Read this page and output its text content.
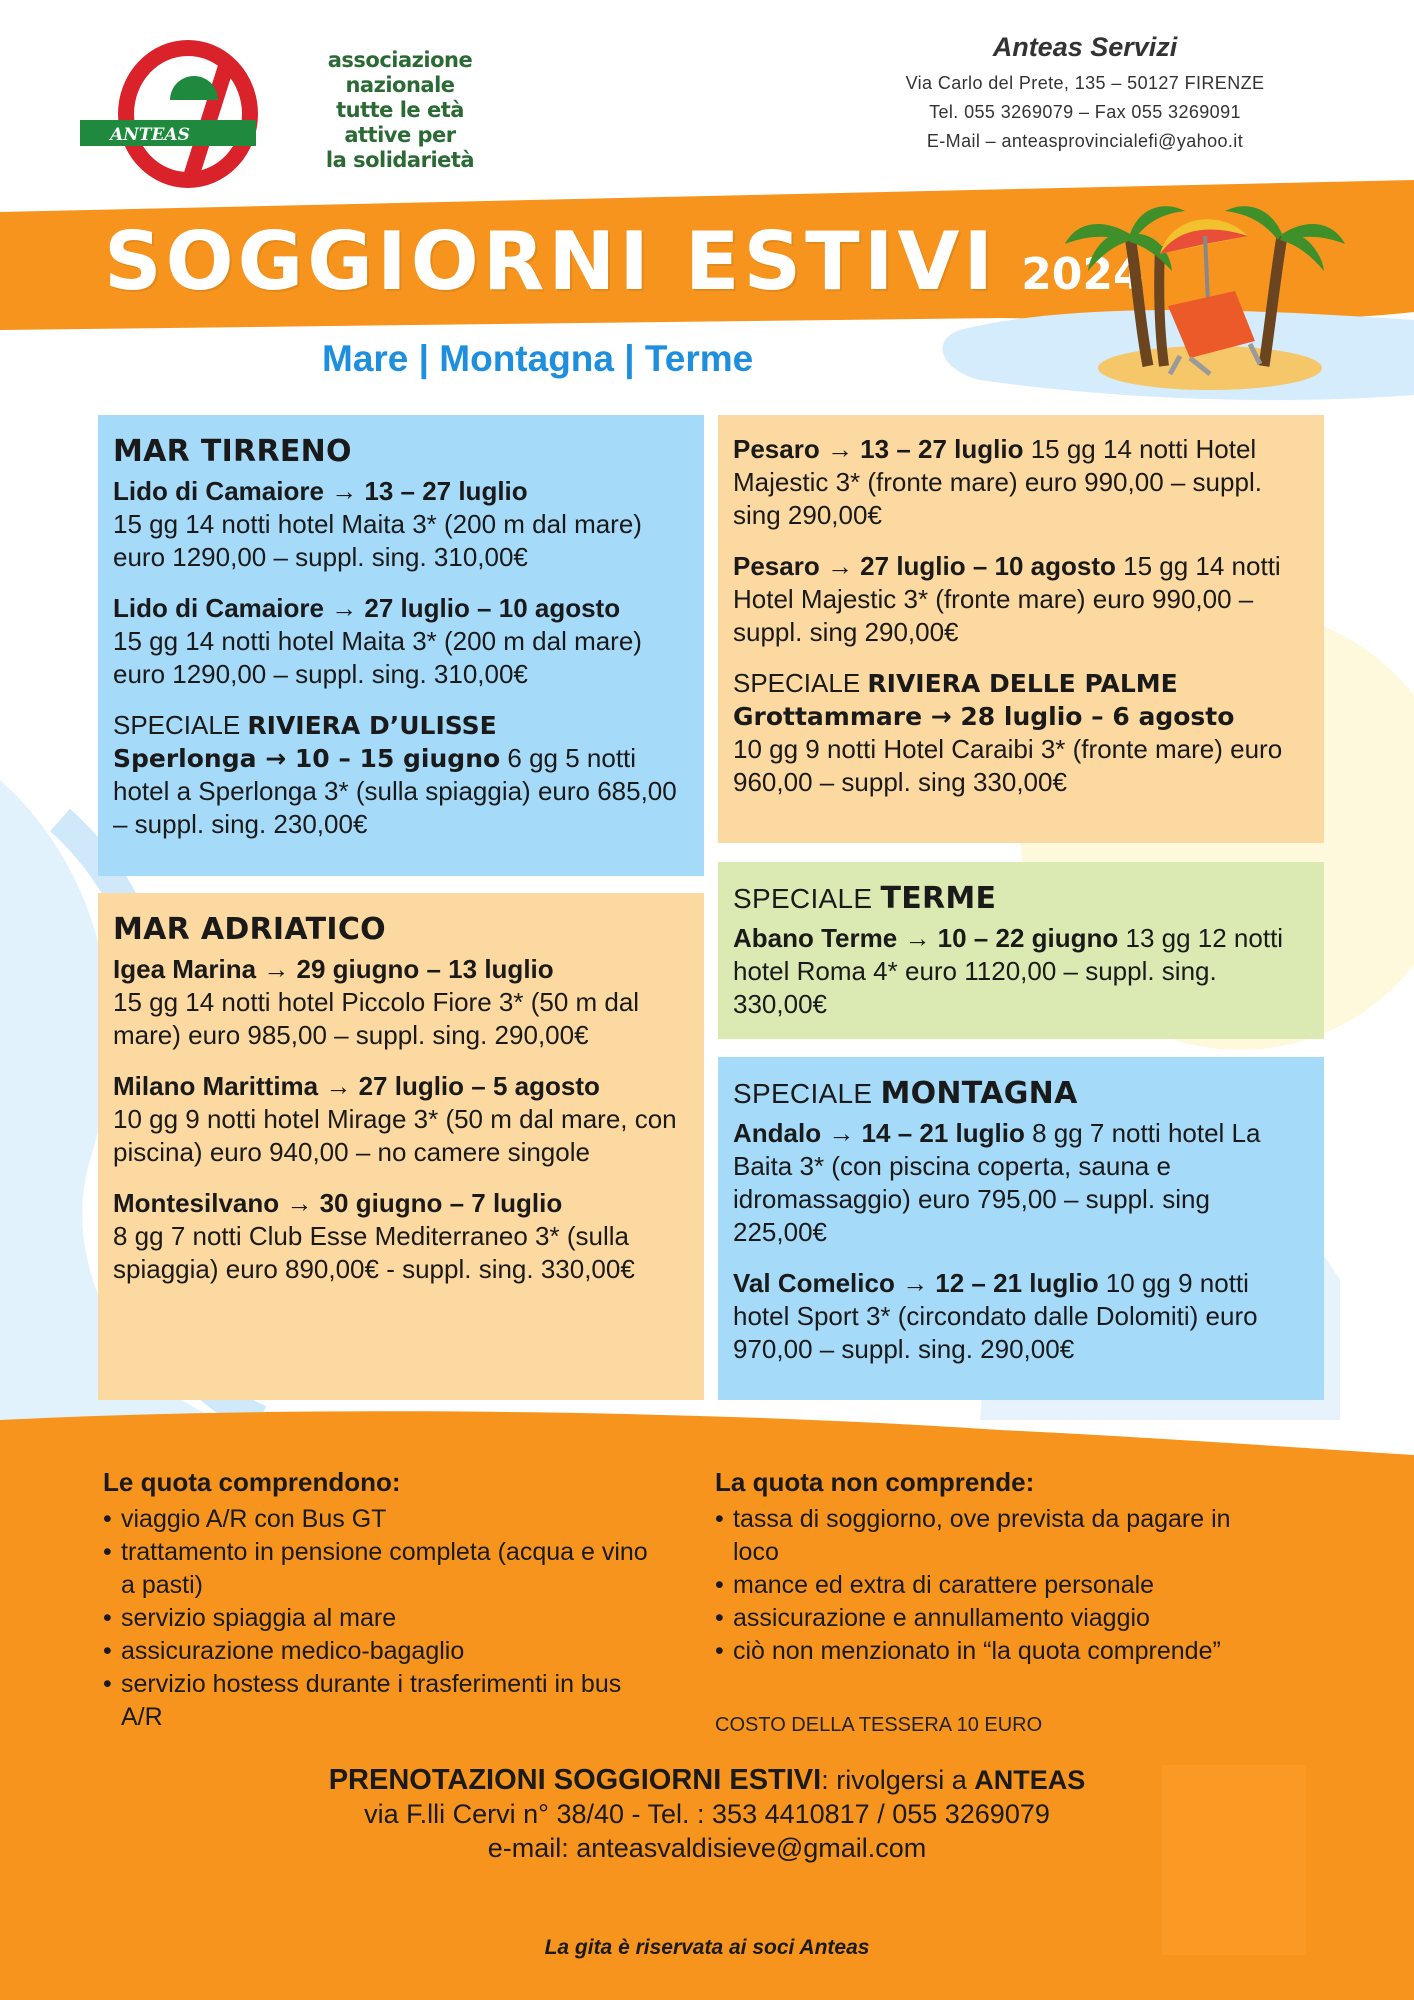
ANTEAS
associazione
nazionale
tutte le età
attive per
la solidarietà
Anteas Servizi
Via Carlo del Prete, 135 – 50127 FIRENZE
Tel. 055 3269079 – Fax 055 3269091
E-Mail – anteasprovincialefi@yahoo.it
SOGGIORNI ESTIVI 2024
Mare | Montagna | Terme
MAR TIRRENO
Lido di Camaiore → 13 – 27 luglio
15 gg 14 notti hotel Maita 3* (200 m dal mare) euro 1290,00 – suppl. sing. 310,00€
Lido di Camaiore → 27 luglio – 10 agosto
15 gg 14 notti hotel Maita 3* (200 m dal mare) euro 1290,00 – suppl. sing. 310,00€
SPECIALE RIVIERA D’ULISSE
Sperlonga → 10 – 15 giugno 6 gg 5 notti hotel a Sperlonga 3* (sulla spiaggia) euro 685,00 – suppl. sing. 230,00€
MAR ADRIATICO
Igea Marina → 29 giugno – 13 luglio
15 gg 14 notti hotel Piccolo Fiore 3* (50 m dal mare) euro 985,00 – suppl. sing. 290,00€
Milano Marittima → 27 luglio – 5 agosto
10 gg 9 notti hotel Mirage 3* (50 m dal mare, con piscina) euro 940,00 – no camere singole
Montesilvano → 30 giugno – 7 luglio
8 gg 7 notti Club Esse Mediterraneo 3* (sulla spiaggia) euro 890,00€ - suppl. sing. 330,00€
Pesaro → 13 – 27 luglio 15 gg 14 notti Hotel Majestic 3* (fronte mare) euro 990,00 – suppl. sing 290,00€
Pesaro → 27 luglio – 10 agosto 15 gg 14 notti Hotel Majestic 3* (fronte mare) euro 990,00 – suppl. sing 290,00€
SPECIALE RIVIERA DELLE PALME
Grottammare → 28 luglio – 6 agosto
10 gg 9 notti Hotel Caraibi 3* (fronte mare) euro 960,00 – suppl. sing 330,00€
SPECIALE TERME
Abano Terme → 10 – 22 giugno 13 gg 12 notti hotel Roma 4* euro 1120,00 – suppl. sing. 330,00€
SPECIALE MONTAGNA
Andalo → 14 – 21 luglio 8 gg 7 notti hotel La Baita 3* (con piscina coperta, sauna e idromassaggio) euro 795,00 – suppl. sing 225,00€
Val Comelico → 12 – 21 luglio 10 gg 9 notti hotel Sport 3* (circondato dalle Dolomiti) euro 970,00 – suppl. sing. 290,00€
Le quota comprendono:
• viaggio A/R con Bus GT
• trattamento in pensione completa (acqua e vino a pasti)
• servizio spiaggia al mare
• assicurazione medico-bagaglio
• servizio hostess durante i trasferimenti in bus A/R
La quota non comprende:
• tassa di soggiorno, ove prevista da pagare in loco
• mance ed extra di carattere personale
• assicurazione e annullamento viaggio
• ciò non menzionato in “la quota comprende”
COSTO DELLA TESSERA 10 EURO
PRENOTAZIONI SOGGIORNI ESTIVI: rivolgersi a ANTEAS
via F.lli Cervi n° 38/40 - Tel. : 353 4410817 / 055 3269079
e-mail: anteasvaldisieve@gmail.com
La gita è riservata ai soci Anteas
